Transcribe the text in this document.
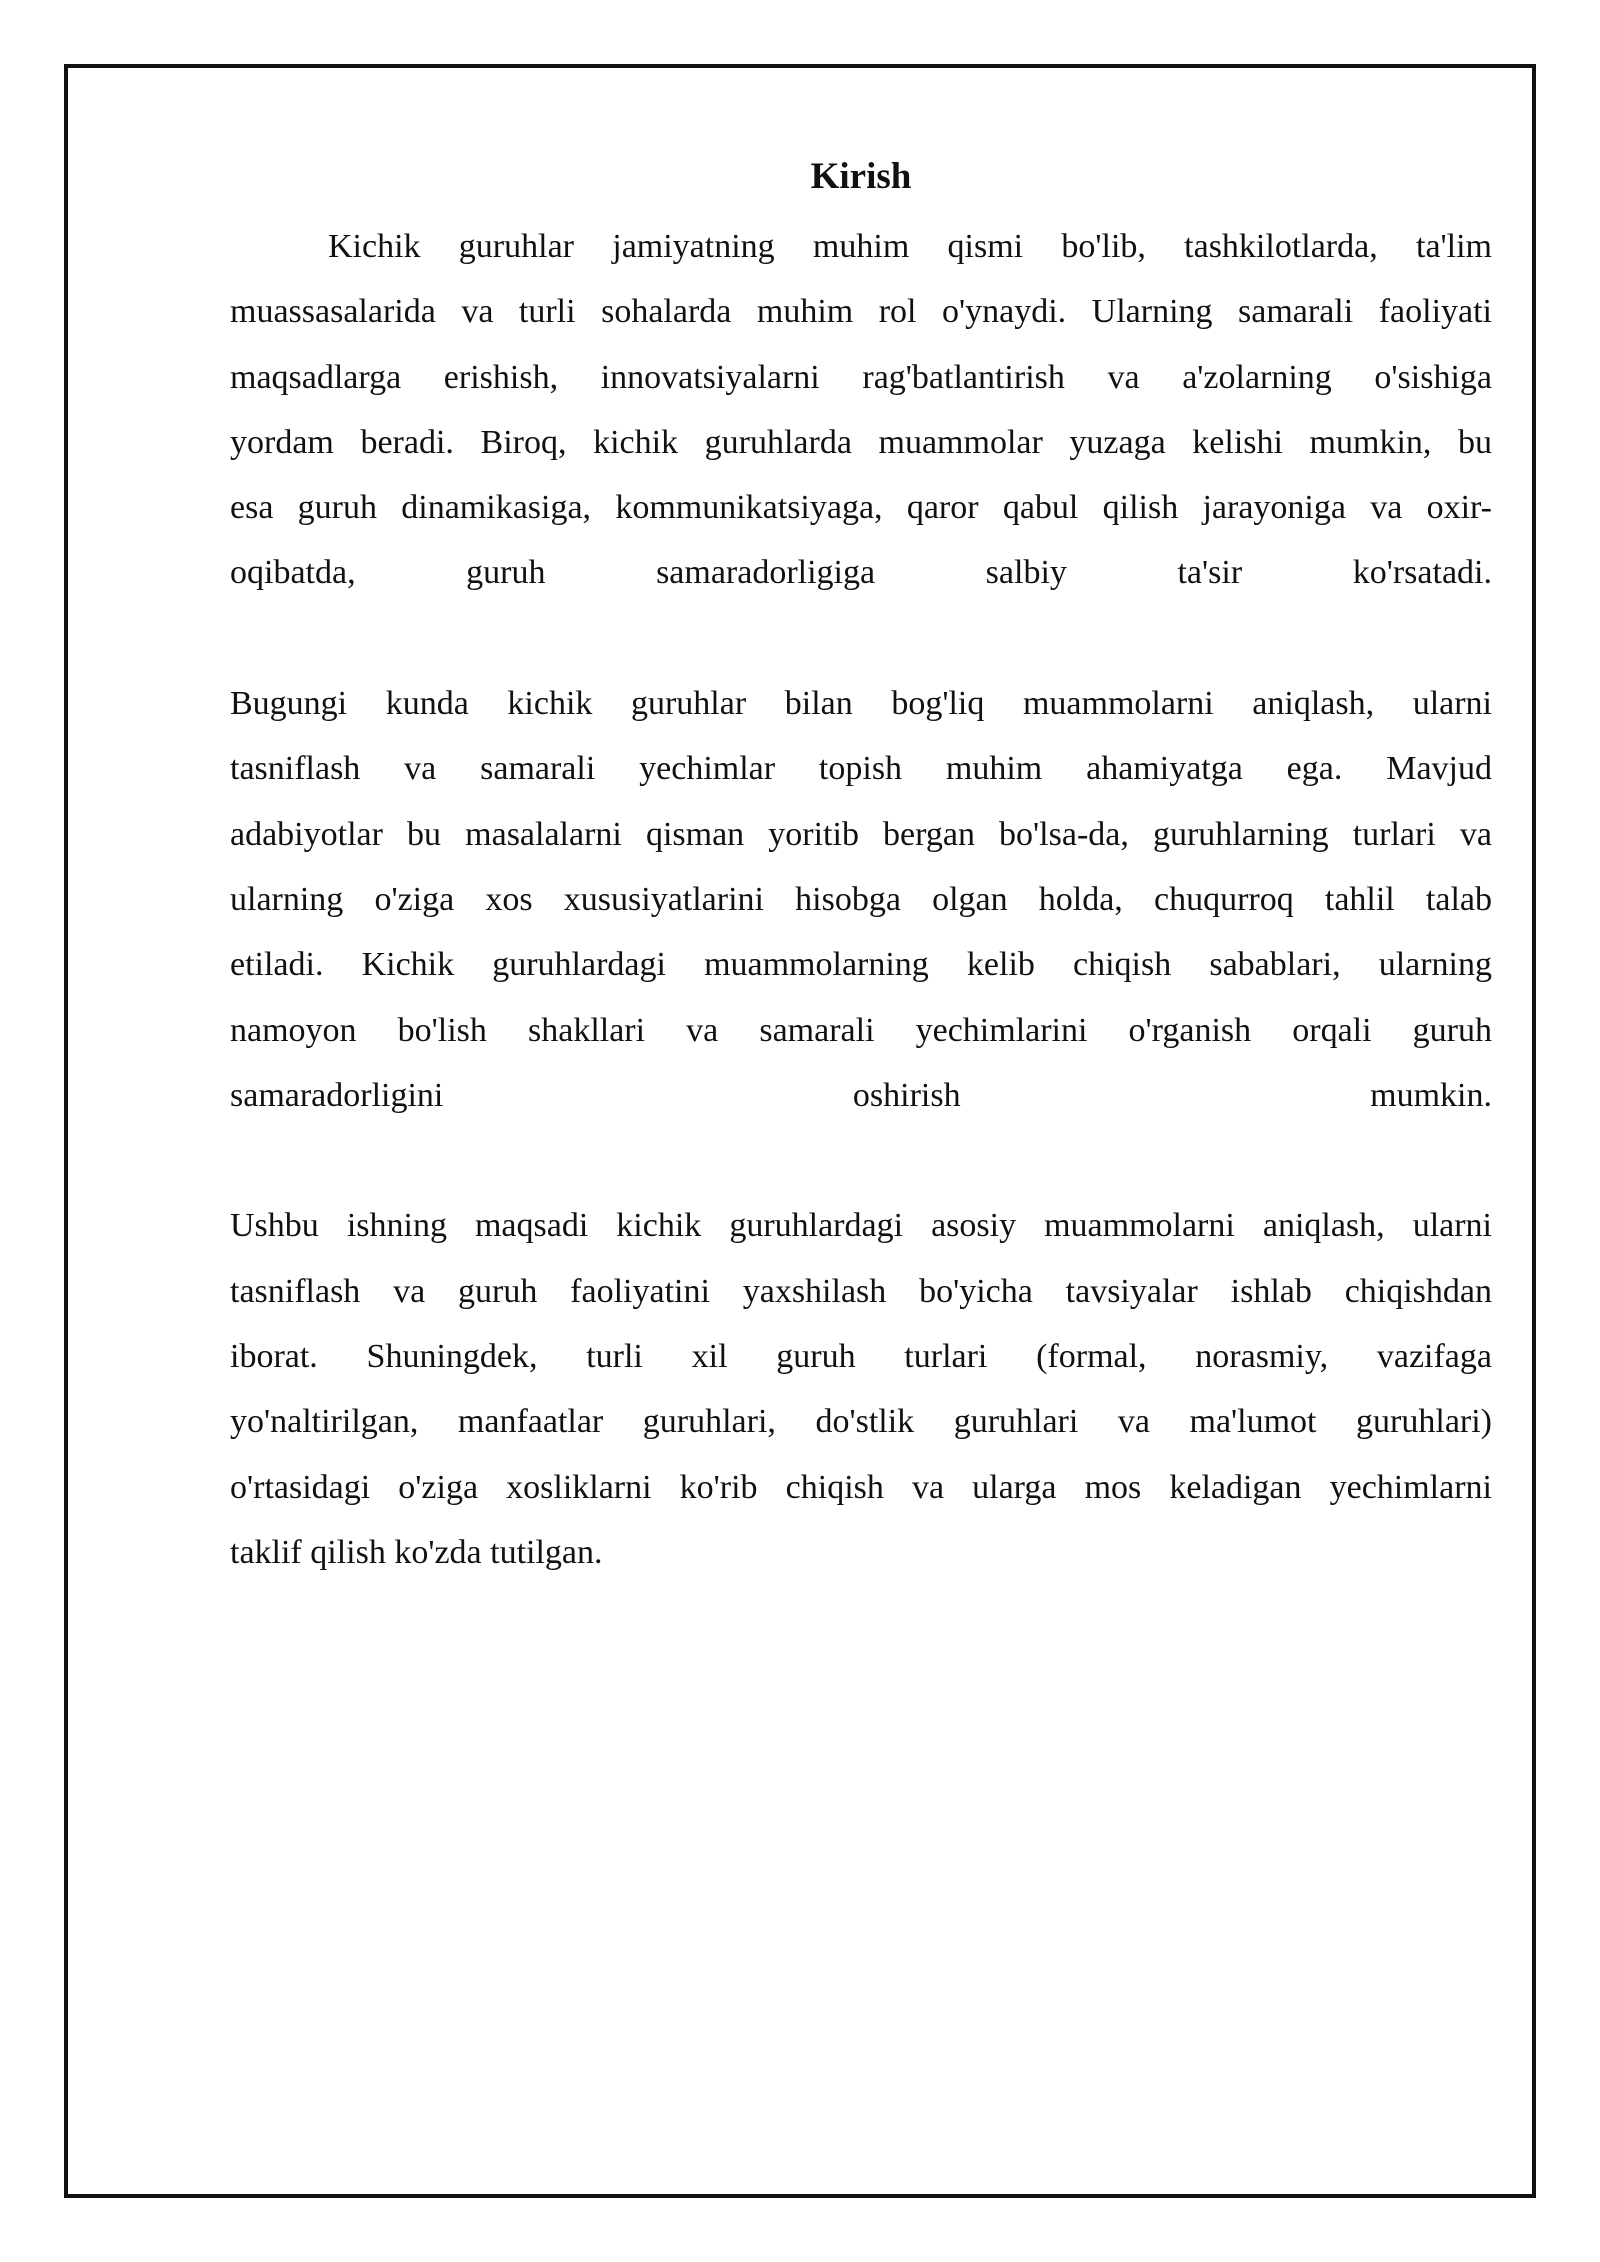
Kirish
Kichik guruhlar jamiyatning muhim qismi bo'lib, tashkilotlarda, ta'lim
muassasalarida va turli sohalarda muhim rol o'ynaydi. Ularning samarali faoliyati
maqsadlarga erishish, innovatsiyalarni rag'batlantirish va a'zolarning o'sishiga
yordam beradi. Biroq, kichik guruhlarda muammolar yuzaga kelishi mumkin, bu
esa guruh dinamikasiga, kommunikatsiyaga, qaror qabul qilish jarayoniga va oxir-
oqibatda, guruh samaradorligiga salbiy ta'sir ko'rsatadi.
Bugungi kunda kichik guruhlar bilan bog'liq muammolarni aniqlash, ularni
tasniflash va samarali yechimlar topish muhim ahamiyatga ega. Mavjud
adabiyotlar bu masalalarni qisman yoritib bergan bo'lsa-da, guruhlarning turlari va
ularning o'ziga xos xususiyatlarini hisobga olgan holda, chuqurroq tahlil talab
etiladi. Kichik guruhlardagi muammolarning kelib chiqish sabablari, ularning
namoyon bo'lish shakllari va samarali yechimlarini o'rganish orqali guruh
samaradorligini oshirish mumkin.
Ushbu ishning maqsadi kichik guruhlardagi asosiy muammolarni aniqlash, ularni
tasniflash va guruh faoliyatini yaxshilash bo'yicha tavsiyalar ishlab chiqishdan
iborat. Shuningdek, turli xil guruh turlari (formal, norasmiy, vazifaga
yo'naltirilgan, manfaatlar guruhlari, do'stlik guruhlari va ma'lumot guruhlari)
o'rtasidagi o'ziga xosliklarni ko'rib chiqish va ularga mos keladigan yechimlarni
taklif qilish ko'zda tutilgan.
